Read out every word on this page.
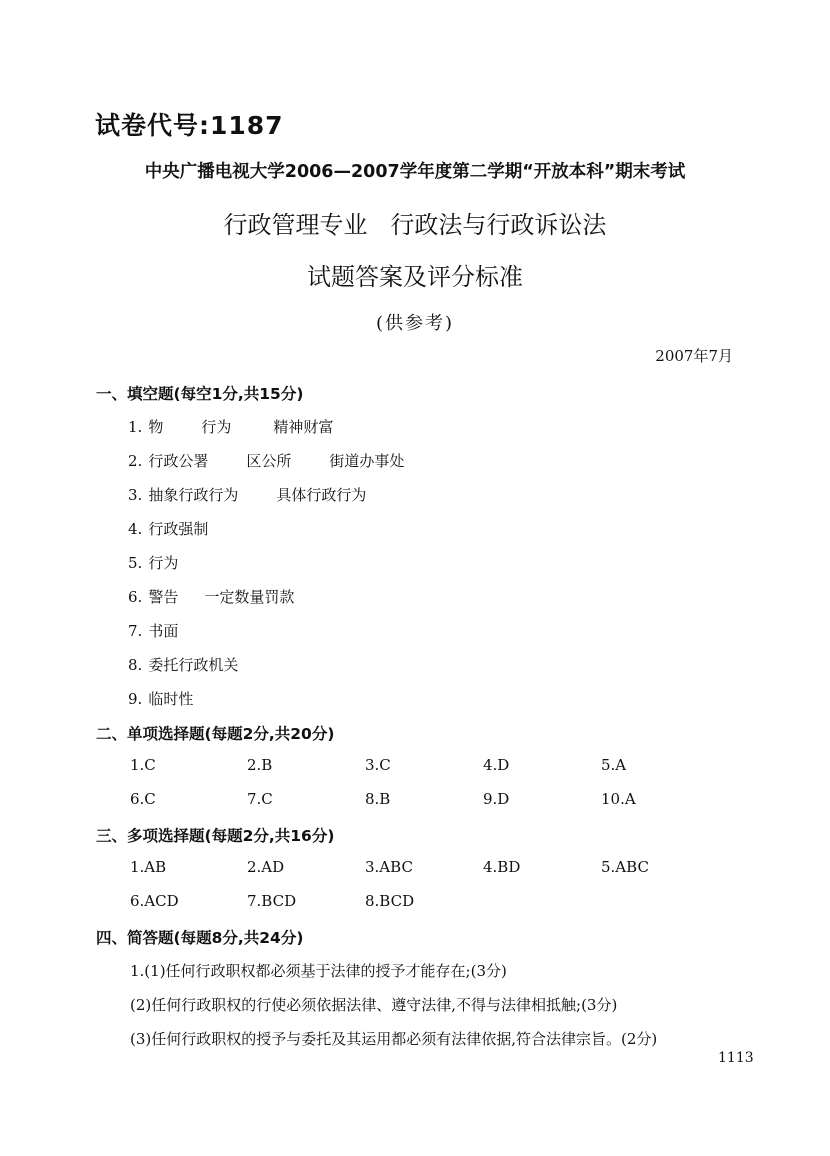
试卷代号:1187
中央广播电视大学2006—2007学年度第二学期“开放本科”期末考试
行政管理专业   行政法与行政诉讼法
试题答案及评分标准
(供参考)
2007年7月
一、填空题(每空1分,共15分)
1. 物	行为	精神财富
2. 行政公署	区公所	街道办事处
3. 抽象行政行为	具体行政行为
4. 行政强制
5. 行为
6. 警告 一定数量罚款
7. 书面
8. 委托行政机关
9. 临时性
二、单项选择题(每题2分,共20分)
1.C	2.B	3.C	4.D	5.A
6.C	7.C	8.B	9.D	10.A
三、多项选择题(每题2分,共16分)
1.AB	2.AD	3.ABC	4.BD	5.ABC
6.ACD	7.BCD	8.BCD
四、简答题(每题8分,共24分)
1.(1)任何行政职权都必须基于法律的授予才能存在;(3分)
(2)任何行政职权的行使必须依据法律、遵守法律,不得与法律相抵触;(3分)
(3)任何行政职权的授予与委托及其运用都必须有法律依据,符合法律宗旨。(2分)
1113
